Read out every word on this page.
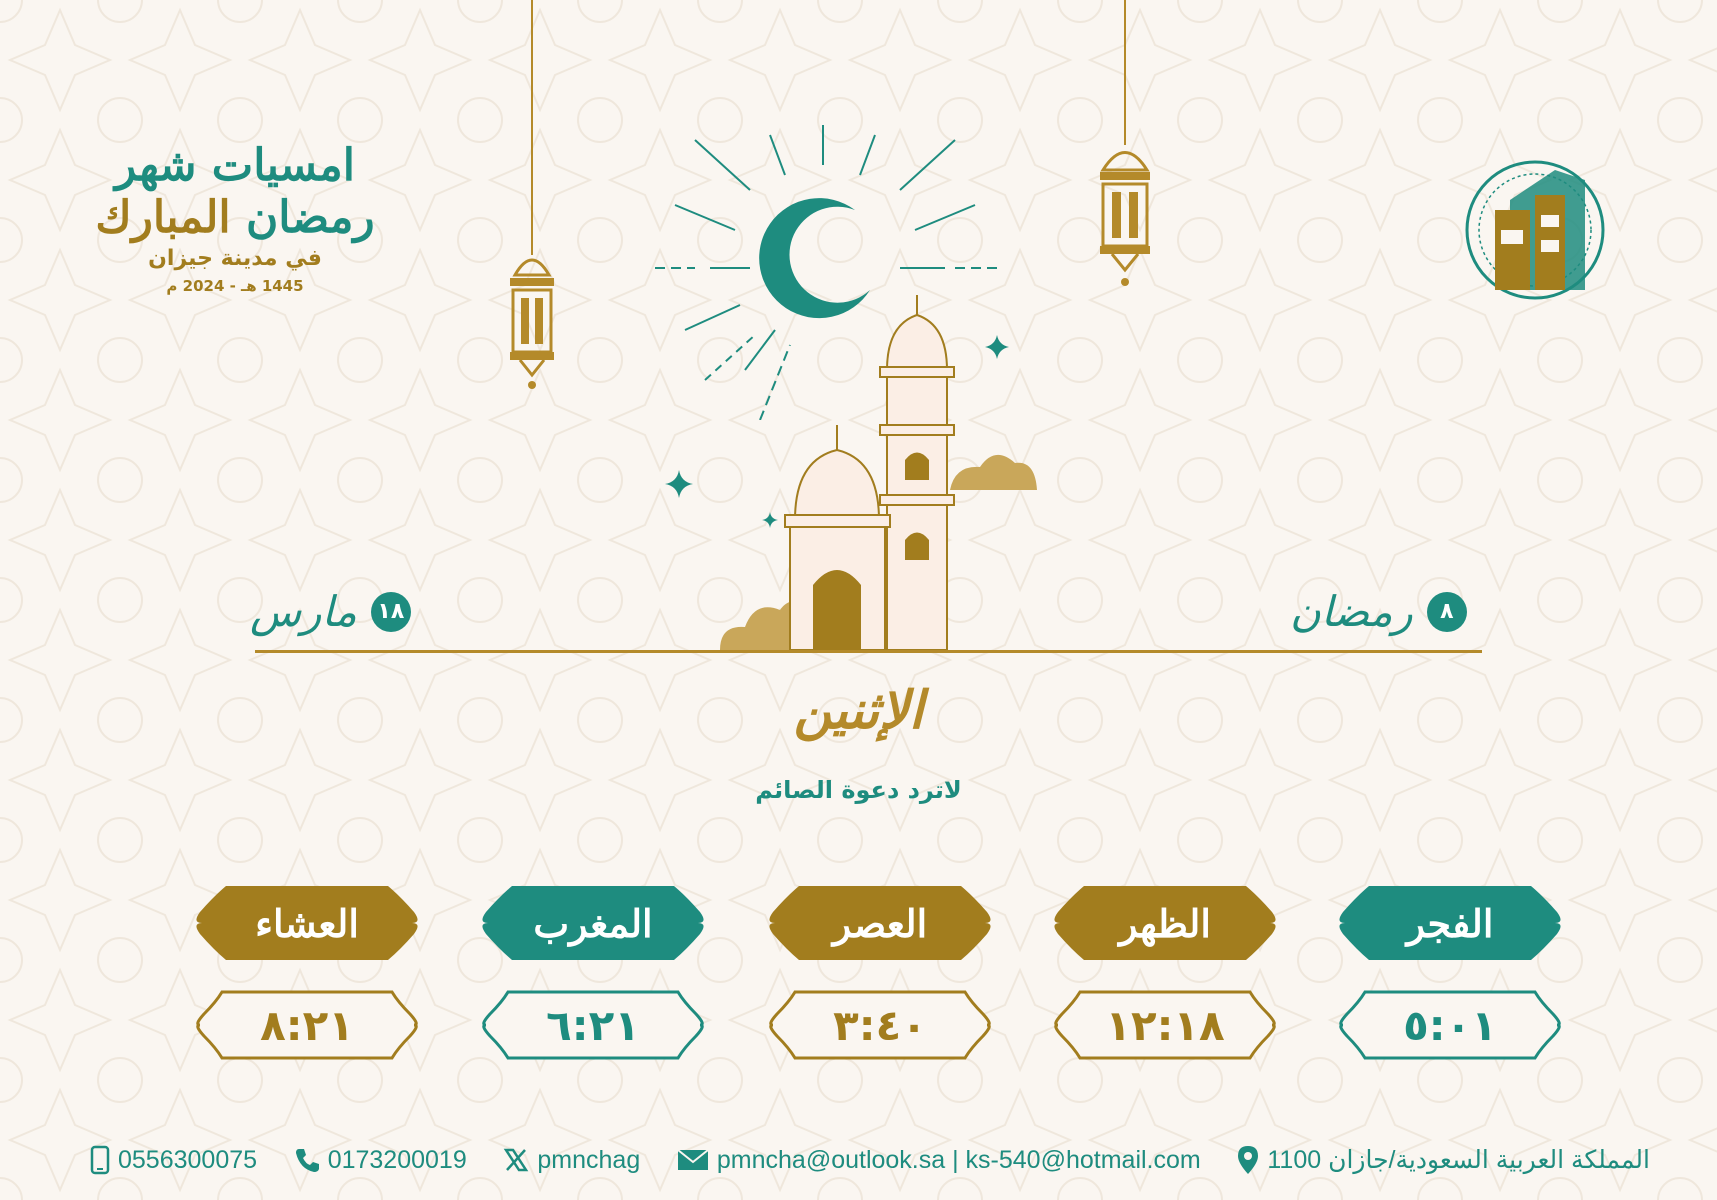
امسيات شهر رمضان المبارك
في مدينة جيزان
1445 هـ - 2024 م
مارس ١٨	رمضان	٨
الإثنين
لاترد دعوة الصائم
الفجر
٥:٠١
الظهر
١٢:١٨
العصر
٣:٤٠
المغرب
٦:٢١
العشاء
٨:٢١
0556300075	0173200019	pmnchag	pmncha@outlook.sa | ks-540@hotmail.com	المملكة العربية السعودية/جازان 1100
